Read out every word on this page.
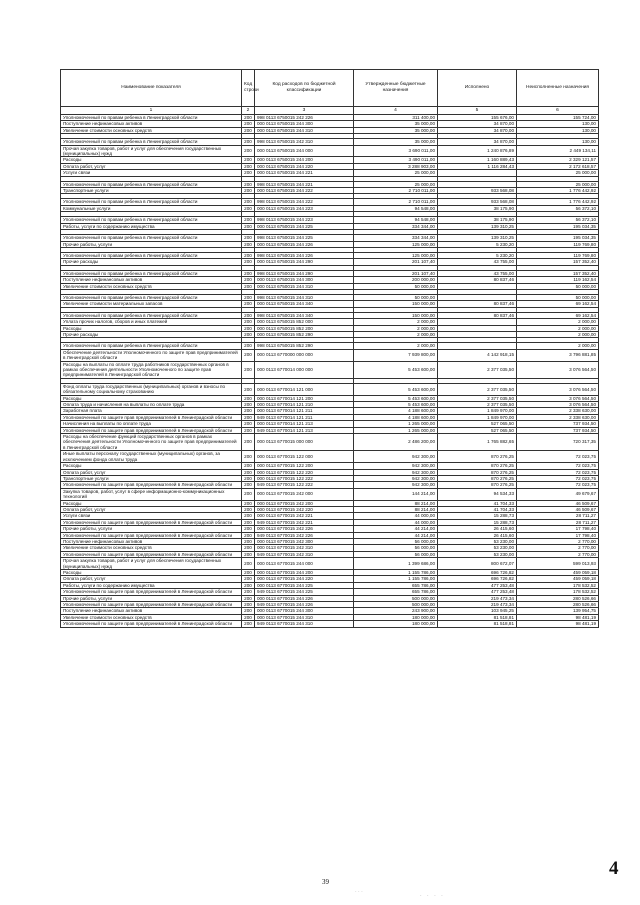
Наименование показателя	Код строки	Код расходов по бюджетной классификации	Утвержденные бюджетные назначения	Исполнено	Неисполненные назначения
1	2	3	4	5	6
Уполномоченный по правам ребенка в Ленинградской области	200	998 0113 6750015 242 226	311 400,00	155 676,00	155 724,00
Поступление нефинансовых активов	200	000 0113 6750015 244 300	35 000,00	34 870,00	130,00
Увеличение стоимости основных средств	200	000 0113 6750015 244 310	35 000,00	34 870,00	130,00

Уполномоченный по правам ребенка в Ленинградской области	200	998 0113 6750015 242 310	35 000,00	34 870,00	130,00
Прочая закупка товаров, работ и услуг для обеспечения государственных (муниципальных) нужд	200	000 0113 6750015 244 000	3 690 011,00	1 240 876,89	2 449 134,11
Расходы	200	000 0113 6750015 244 200	3 490 011,00	1 160 889,43	2 329 121,57
Оплата работ, услуг	200	000 0113 6750015 244 220	3 288 903,00	1 116 284,43	2 172 618,57
Услуги связи	200	000 0113 6750015 244 221	25 000,00		25 000,00

Уполномоченный по правам ребенка в Ленинградской области	200	998 0113 6750015 244 221	25 000,00		25 000,00
Транспортные услуги	200	000 0113 6750015 244 222	2 710 011,00	933 568,08	1 776 442,92

Уполномоченный по правам ребенка в Ленинградской области	200	998 0113 6750015 244 222	2 710 011,00	933 568,08	1 776 442,92
Коммунальные услуги	200	000 0113 6750015 244 223	94 548,00	38 175,90	56 372,10

Уполномоченный по правам ребенка в Ленинградской области	200	998 0113 6750015 244 223	94 548,00	38 175,90	56 372,10
Работы, услуги по содержанию имущества	200	000 0113 6750015 244 225	334 344,00	139 310,25	195 034,35

Уполномоченный по правам ребенка в Ленинградской области	200	998 0113 6750015 244 225	334 344,00	139 310,25	195 034,35
Прочие работы, услуги	200	000 0113 6750015 244 226	125 000,00	5 230,20	119 769,80

Уполномоченный по правам ребенка в Ленинградской области	200	998 0113 6750015 244 226	125 000,00	5 230,20	119 769,80
Прочие расходы	200	000 0113 6750015 244 290	201 107,40	43 755,00	157 352,40

Уполномоченный по правам ребенка в Ленинградской области	200	998 0113 6750015 244 290	201 107,40	43 755,00	157 352,40
Поступление нефинансовых активов	200	000 0113 6750015 244 300	200 000,00	80 837,46	119 162,54
Увеличение стоимости основных средств	200	000 0113 6750015 244 310	50 000,00		50 000,00

Уполномоченный по правам ребенка в Ленинградской области	200	998 0113 6750015 244 310	50 000,00		50 000,00
Увеличение стоимости материальных запасов	200	000 0113 6750015 244 340	150 000,00	80 837,46	69 162,54

Уполномоченный по правам ребенка в Ленинградской области	200	998 0113 6750015 244 340	150 000,00	80 837,46	69 162,54
Уплата прочих налогов, сборов и иных платежей	200	000 0113 6750015 852 000	2 000,00		2 000,00
Расходы	200	000 0113 6750015 852 200	2 000,00		2 000,00
Прочие расходы	200	000 0113 6750015 852 290	2 000,00		2 000,00

Уполномоченный по правам ребенка в Ленинградской области	200	998 0113 6750015 852 290	2 000,00		2 000,00
Обеспечение деятельности Уполномоченного по защите прав предпринимателей в Ленинградской области	200	000 0113 6770000 000 000	7 939 800,00	4 142 918,15	3 796 881,85
Расходы на выплаты по оплате труда работников государственных органов в рамках обеспечения деятельности Уполномоченного по защите прав предпринимателей в Ленинградской области	200	000 0113 6770014 000 000	5 453 600,00	2 377 035,50	3 076 564,50

Фонд оплаты труда государственных (муниципальных) органов и взносы по обязательному социальному страхованию	200	000 0113 6770014 121 000	5 453 600,00	2 377 035,50	3 076 564,50
Расходы	200	000 0113 6770014 121 200	5 453 600,00	2 377 035,50	3 076 564,50
Оплата труда и начисления на выплаты по оплате труда	200	000 0113 6770014 121 210	5 453 600,00	2 377 035,50	3 076 564,50
Заработная плата	200	000 0113 6770014 121 211	4 188 600,00	1 849 970,00	2 338 630,00
Уполномоченный по защите прав предпринимателей в Ленинградской области	200	949 0113 6770014 121 211	4 188 600,00	1 849 970,00	2 338 630,00
Начисления на выплаты по оплате труда	200	000 0113 6770014 121 213	1 265 000,00	527 065,50	737 934,50
Уполномоченный по защите прав предпринимателей в Ленинградской области	200	949 0113 6770014 121 213	1 265 000,00	527 065,50	737 934,50
Расходы на обеспечение функций государственных органов в рамках обеспечения деятельности Уполномоченного по защите прав предпринимателей в Ленинградской области	200	000 0113 6770015 000 000	2 486 200,00	1 765 882,65	720 317,35
Иные выплаты персоналу государственных (муниципальных) органов, за исключением фонда оплаты труда	200	000 0113 6770015 122 000	942 300,00	870 276,25	72 023,75
Расходы	200	000 0113 6770015 122 200	942 300,00	870 276,25	72 023,75
Оплата работ, услуг	200	000 0113 6770015 122 220	942 300,00	870 276,25	72 023,75
Транспортные услуги	200	000 0113 6770015 122 222	942 300,00	870 276,25	72 023,75
Уполномоченный по защите прав предпринимателей в Ленинградской области	200	949 0113 6770015 122 222	942 300,00	870 276,25	72 023,75
Закупка товаров, работ, услуг в сфере информационно-коммуникационных технологий	200	000 0113 6770015 242 000	144 214,00	94 534,33	49 679,67
Расходы	200	000 0113 6770015 242 200	88 214,00	41 704,33	46 509,67
Оплата работ, услуг	200	000 0113 6770015 242 220	88 214,00	41 704,33	46 509,67
Услуги связи	200	000 0113 6770015 242 221	44 000,00	15 288,73	28 711,27
Уполномоченный по защите прав предпринимателей в Ленинградской области	200	949 0113 6770015 242 221	44 000,00	15 288,73	28 711,27
Прочие работы, услуги	200	000 0113 6770015 242 226	44 214,00	26 415,60	17 798,40
Уполномоченный по защите прав предпринимателей в Ленинградской области	200	949 0113 6770015 242 226	44 214,00	26 415,60	17 798,40
Поступление нефинансовых активов	200	000 0113 6770015 242 300	56 000,00	53 230,00	2 770,00
Увеличение стоимости основных средств	200	000 0113 6770015 242 310	56 000,00	53 230,00	2 770,00
Уполномоченный по защите прав предпринимателей в Ленинградской области	200	949 0113 6770015 242 310	56 000,00	53 230,00	2 770,00
Прочая закупка товаров, работ и услуг для обеспечения государственных (муниципальных) нужд	200	000 0113 6770015 244 000	1 399 686,00	800 672,07	599 013,93
Расходы	200	000 0113 6770015 244 200	1 155 786,00	696 726,82	459 059,18
Оплата работ, услуг	200	000 0113 6770015 244 220	1 155 786,00	696 726,82	459 059,18
Работы, услуги по содержанию имущества	200	000 0113 6770015 244 225	655 786,00	477 253,48	178 532,52
Уполномоченный по защите прав предпринимателей в Ленинградской области	200	949 0113 6770015 244 225	655 786,00	477 253,48	178 532,52
Прочие работы, услуги	200	000 0113 6770015 244 226	500 000,00	219 473,34	280 526,66
Уполномоченный по защите прав предпринимателей в Ленинградской области	200	949 0113 6770015 244 226	500 000,00	219 473,34	280 526,66
Поступление нефинансовых активов	200	000 0113 6770015 244 300	243 900,00	103 945,25	139 954,75
Увеличение стоимости основных средств	200	000 0113 6770015 244 310	180 000,00	81 518,81	98 481,19
Уполномоченный по защите прав предпринимателей в Ленинградской области	200	949 0113 6770015 244 310	180 000,00	81 518,81	98 481,19
39
4
· · ·
· · · ·
